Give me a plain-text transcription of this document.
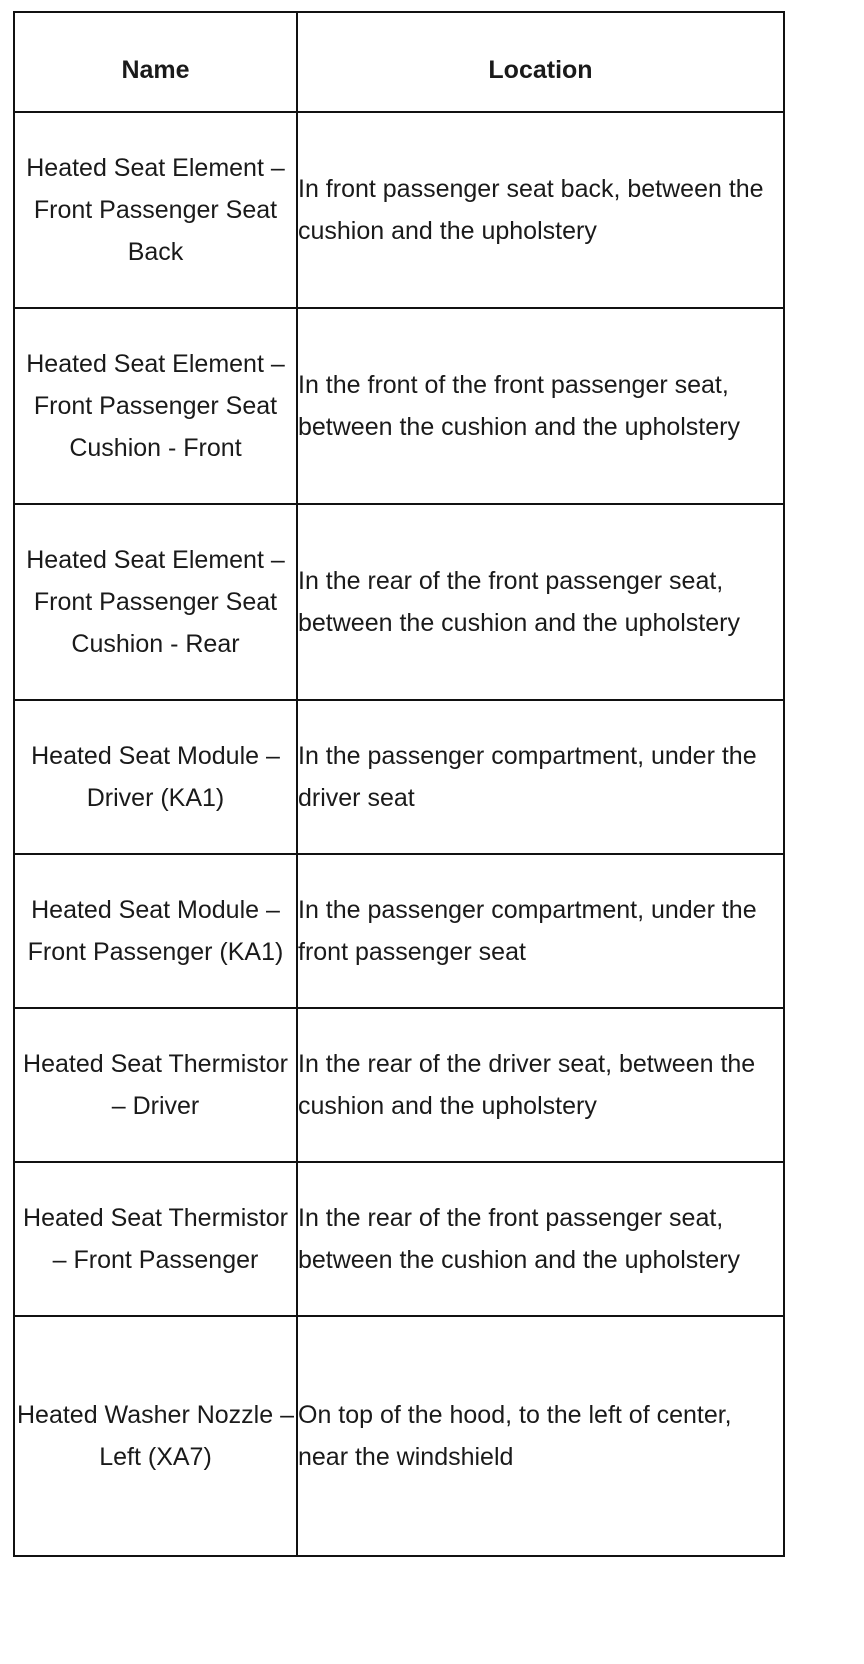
Name	Location
Heated Seat Element – Front Passenger Seat Back	In front passenger seat back, between the cushion and the upholstery
Heated Seat Element – Front Passenger Seat Cushion - Front	In the front of the front passenger seat, between the cushion and the upholstery
Heated Seat Element – Front Passenger Seat Cushion - Rear	In the rear of the front passenger seat, between the cushion and the upholstery
Heated Seat Module – Driver (KA1)	In the passenger compartment, under the driver seat
Heated Seat Module – Front Passenger (KA1)	In the passenger compartment, under the front passenger seat
Heated Seat Thermistor – Driver	In the rear of the driver seat, between the cushion and the upholstery
Heated Seat Thermistor – Front Passenger	In the rear of the front passenger seat, between the cushion and the upholstery
Heated Washer Nozzle – Left (XA7)	On top of the hood, to the left of center, near the windshield
